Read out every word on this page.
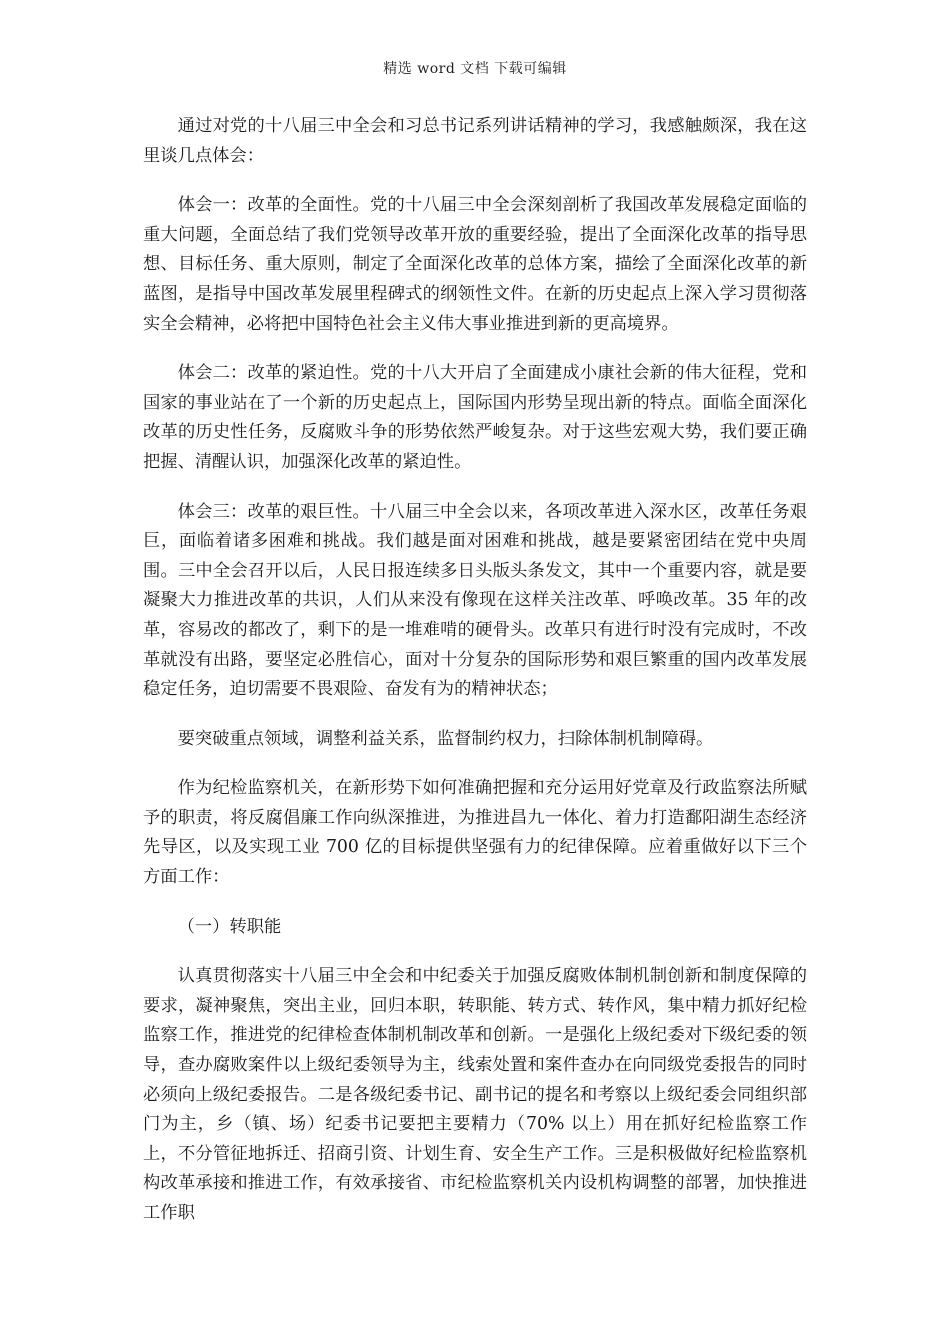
精选 word 文档 下载可编辑

通过对党的十八届三中全会和习总书记系列讲话精神的学习，我感触颇深，我在这里谈几点体会：

体会一：改革的全面性。党的十八届三中全会深刻剖析了我国改革发展稳定面临的重大问题，全面总结了我们党领导改革开放的重要经验，提出了全面深化改革的指导思想、目标任务、重大原则，制定了全面深化改革的总体方案，描绘了全面深化改革的新蓝图，是指导中国改革发展里程碑式的纲领性文件。在新的历史起点上深入学习贯彻落实全会精神，必将把中国特色社会主义伟大事业推进到新的更高境界。

体会二：改革的紧迫性。党的十八大开启了全面建成小康社会新的伟大征程，党和国家的事业站在了一个新的历史起点上，国际国内形势呈现出新的特点。面临全面深化改革的历史性任务，反腐败斗争的形势依然严峻复杂。对于这些宏观大势，我们要正确把握、清醒认识，加强深化改革的紧迫性。

体会三：改革的艰巨性。十八届三中全会以来，各项改革进入深水区，改革任务艰巨，面临着诸多困难和挑战。我们越是面对困难和挑战，越是要紧密团结在党中央周围。三中全会召开以后，人民日报连续多日头版头条发文，其中一个重要内容，就是要凝聚大力推进改革的共识，人们从来没有像现在这样关注改革、呼唤改革。35 年的改革，容易改的都改了，剩下的是一堆难啃的硬骨头。改革只有进行时没有完成时，不改革就没有出路，要坚定必胜信心，面对十分复杂的国际形势和艰巨繁重的国内改革发展稳定任务，迫切需要不畏艰险、奋发有为的精神状态；

要突破重点领域，调整利益关系，监督制约权力，扫除体制机制障碍。

作为纪检监察机关，在新形势下如何准确把握和充分运用好党章及行政监察法所赋予的职责，将反腐倡廉工作向纵深推进，为推进昌九一体化、着力打造鄱阳湖生态经济先导区，以及实现工业 700 亿的目标提供坚强有力的纪律保障。应着重做好以下三个方面工作：

（一）转职能

认真贯彻落实十八届三中全会和中纪委关于加强反腐败体制机制创新和制度保障的要求，凝神聚焦，突出主业，回归本职，转职能、转方式、转作风，集中精力抓好纪检监察工作，推进党的纪律检查体制机制改革和创新。一是强化上级纪委对下级纪委的领导，查办腐败案件以上级纪委领导为主，线索处置和案件查办在向同级党委报告的同时必须向上级纪委报告。二是各级纪委书记、副书记的提名和考察以上级纪委会同组织部门为主，乡（镇、场）纪委书记要把主要精力（70% 以上）用在抓好纪检监察工作上，不分管征地拆迁、招商引资、计划生育、安全生产工作。三是积极做好纪检监察机构改革承接和推进工作，有效承接省、市纪检监察机关内设机构调整的部署，加快推进工作职
